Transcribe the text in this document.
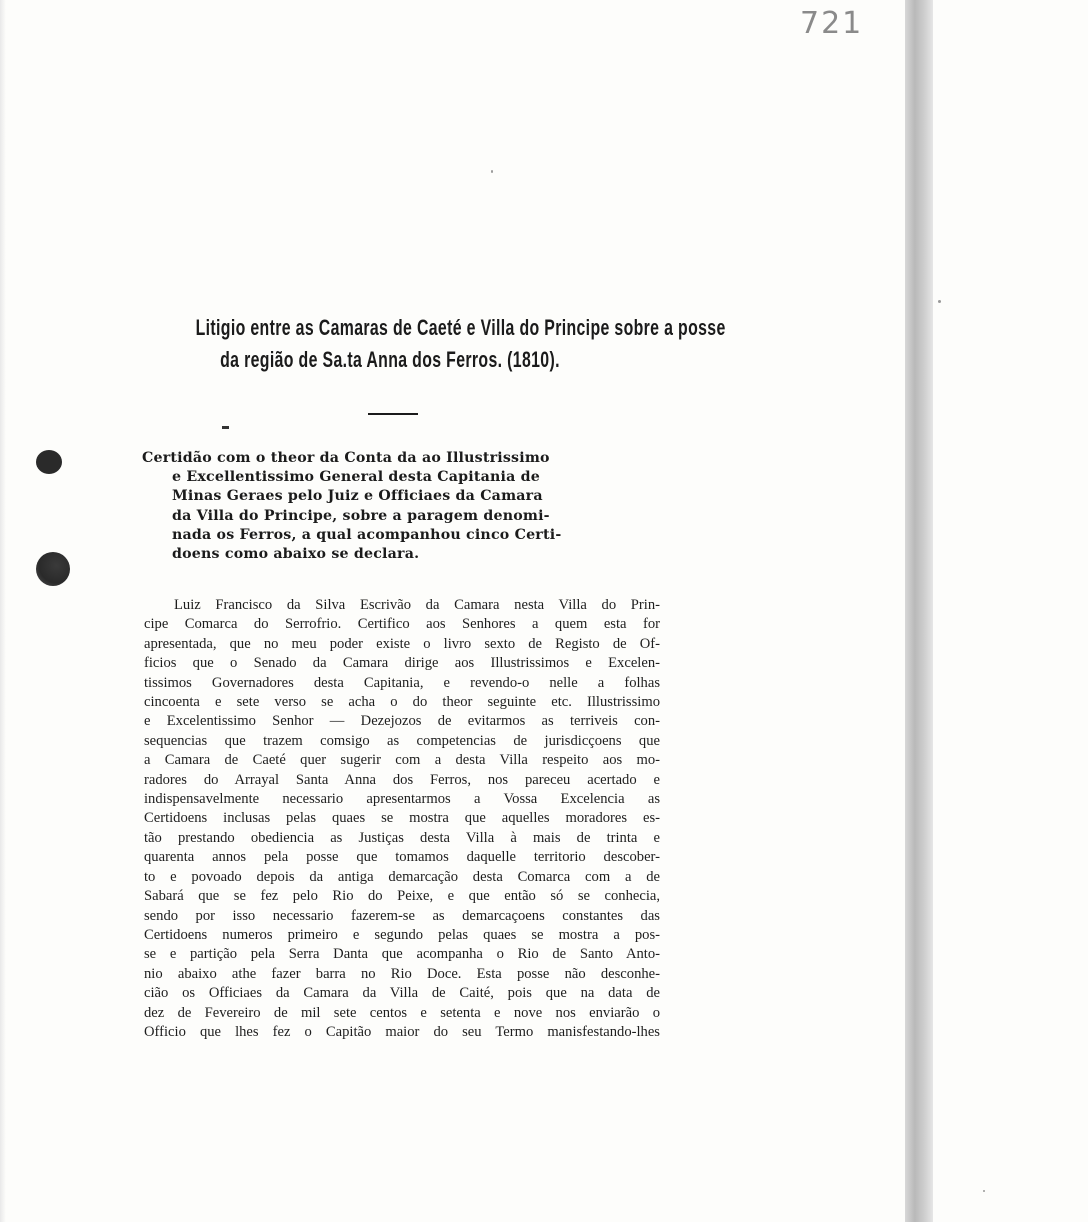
721
Litigio entre as Camaras de Caeté e Villa do Principe sobre a posse
da região de Sa.ta Anna dos Ferros. (1810).
Certidão com o theor da Conta da ao Illustrissimo
e Excellentissimo General desta Capitania de
Minas Geraes pelo Juiz e Officiaes da Camara
da Villa do Principe, sobre a paragem denomi-
nada os Ferros, a qual acompanhou cinco Certi-
doens como abaixo se declara.
Luiz Francisco da Silva Escrivão da Camara nesta Villa do Prin-
cipe Comarca do Serrofrio. Certifico aos Senhores a quem esta for
apresentada, que no meu poder existe o livro sexto de Registo de Of-
ficios que o Senado da Camara dirige aos Illustrissimos e Excelen-
tissimos Governadores desta Capitania, e revendo-o nelle a folhas
cincoenta e sete verso se acha o do theor seguinte etc. Illustrissimo
e Excelentissimo Senhor — Dezejozos de evitarmos as terriveis con-
sequencias que trazem comsigo as competencias de jurisdicçoens que
a Camara de Caeté quer sugerir com a desta Villa respeito aos mo-
radores do Arrayal Santa Anna dos Ferros, nos pareceu acertado e
indispensavelmente necessario apresentarmos a Vossa Excelencia as
Certidoens inclusas pelas quaes se mostra que aquelles moradores es-
tão prestando obediencia as Justiças desta Villa à mais de trinta e
quarenta annos pela posse que tomamos daquelle territorio descober-
to e povoado depois da antiga demarcação desta Comarca com a de
Sabará que se fez pelo Rio do Peixe, e que então só se conhecia,
sendo por isso necessario fazerem-se as demarcaçoens constantes das
Certidoens numeros primeiro e segundo pelas quaes se mostra a pos-
se e partição pela Serra Danta que acompanha o Rio de Santo Anto-
nio abaixo athe fazer barra no Rio Doce. Esta posse não desconhe-
cião os Officiaes da Camara da Villa de Caité, pois que na data de
dez de Fevereiro de mil sete centos e setenta e nove nos enviarão o
Officio que lhes fez o Capitão maior do seu Termo manisfestando-lhes
